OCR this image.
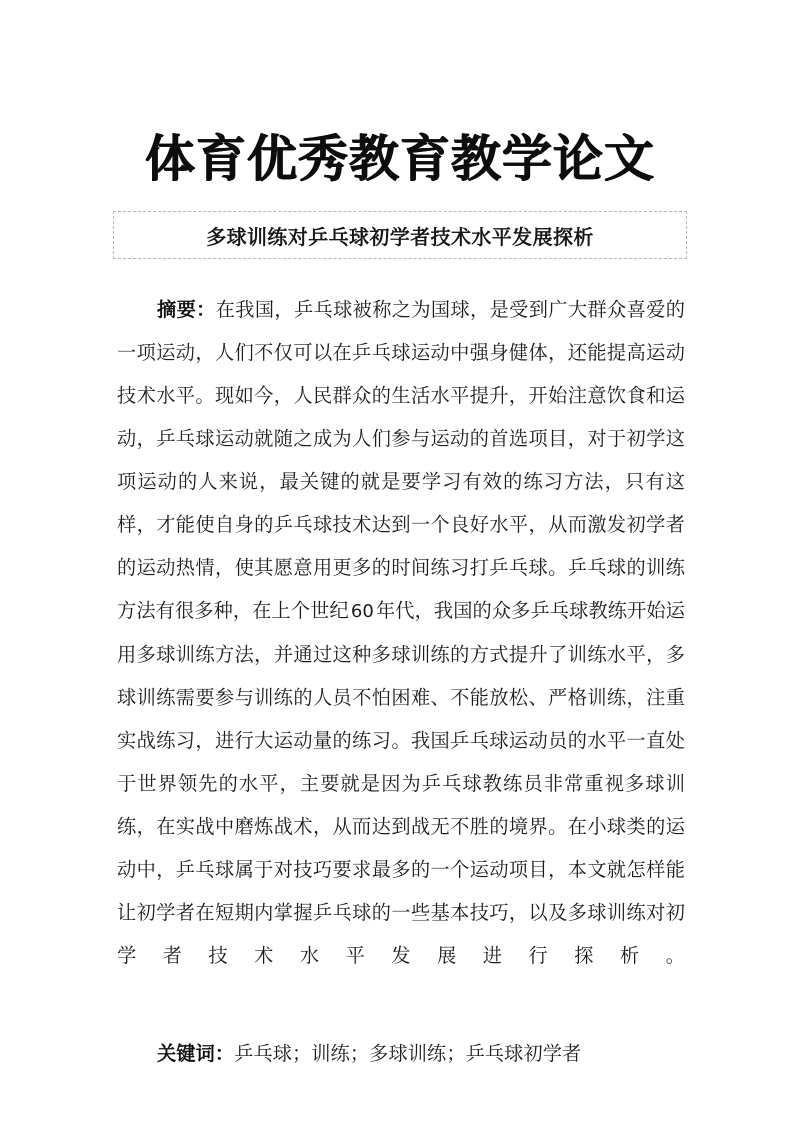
体育优秀教育教学论文
多球训练对乒乓球初学者技术水平发展探析

摘要：在我国，乒乓球被称之为国球，是受到广大群众喜爱的一项运动，人们不仅可以在乒乓球运动中强身健体，还能提高运动技术水平。现如今，人民群众的生活水平提升，开始注意饮食和运动，乒乓球运动就随之成为人们参与运动的首选项目，对于初学这项运动的人来说，最关键的就是要学习有效的练习方法，只有这样，才能使自身的乒乓球技术达到一个良好水平，从而激发初学者的运动热情，使其愿意用更多的时间练习打乒乓球。乒乓球的训练方法有很多种，在上个世纪 60 年代，我国的众多乒乓球教练开始运用多球训练方法，并通过这种多球训练的方式提升了训练水平，多球训练需要参与训练的人员不怕困难、不能放松、严格训练，注重实战练习，进行大运动量的练习。我国乒乓球运动员的水平一直处于世界领先的水平，主要就是因为乒乓球教练员非常重视多球训练，在实战中磨炼战术，从而达到战无不胜的境界。在小球类的运动中，乒乓球属于对技巧要求最多的一个运动项目，本文就怎样能让初学者在短期内掌握乒乓球的一些基本技巧，以及多球训练对初学者技术水平发展进行探析。

关键词：乒乓球；训练；多球训练；乒乓球初学者
